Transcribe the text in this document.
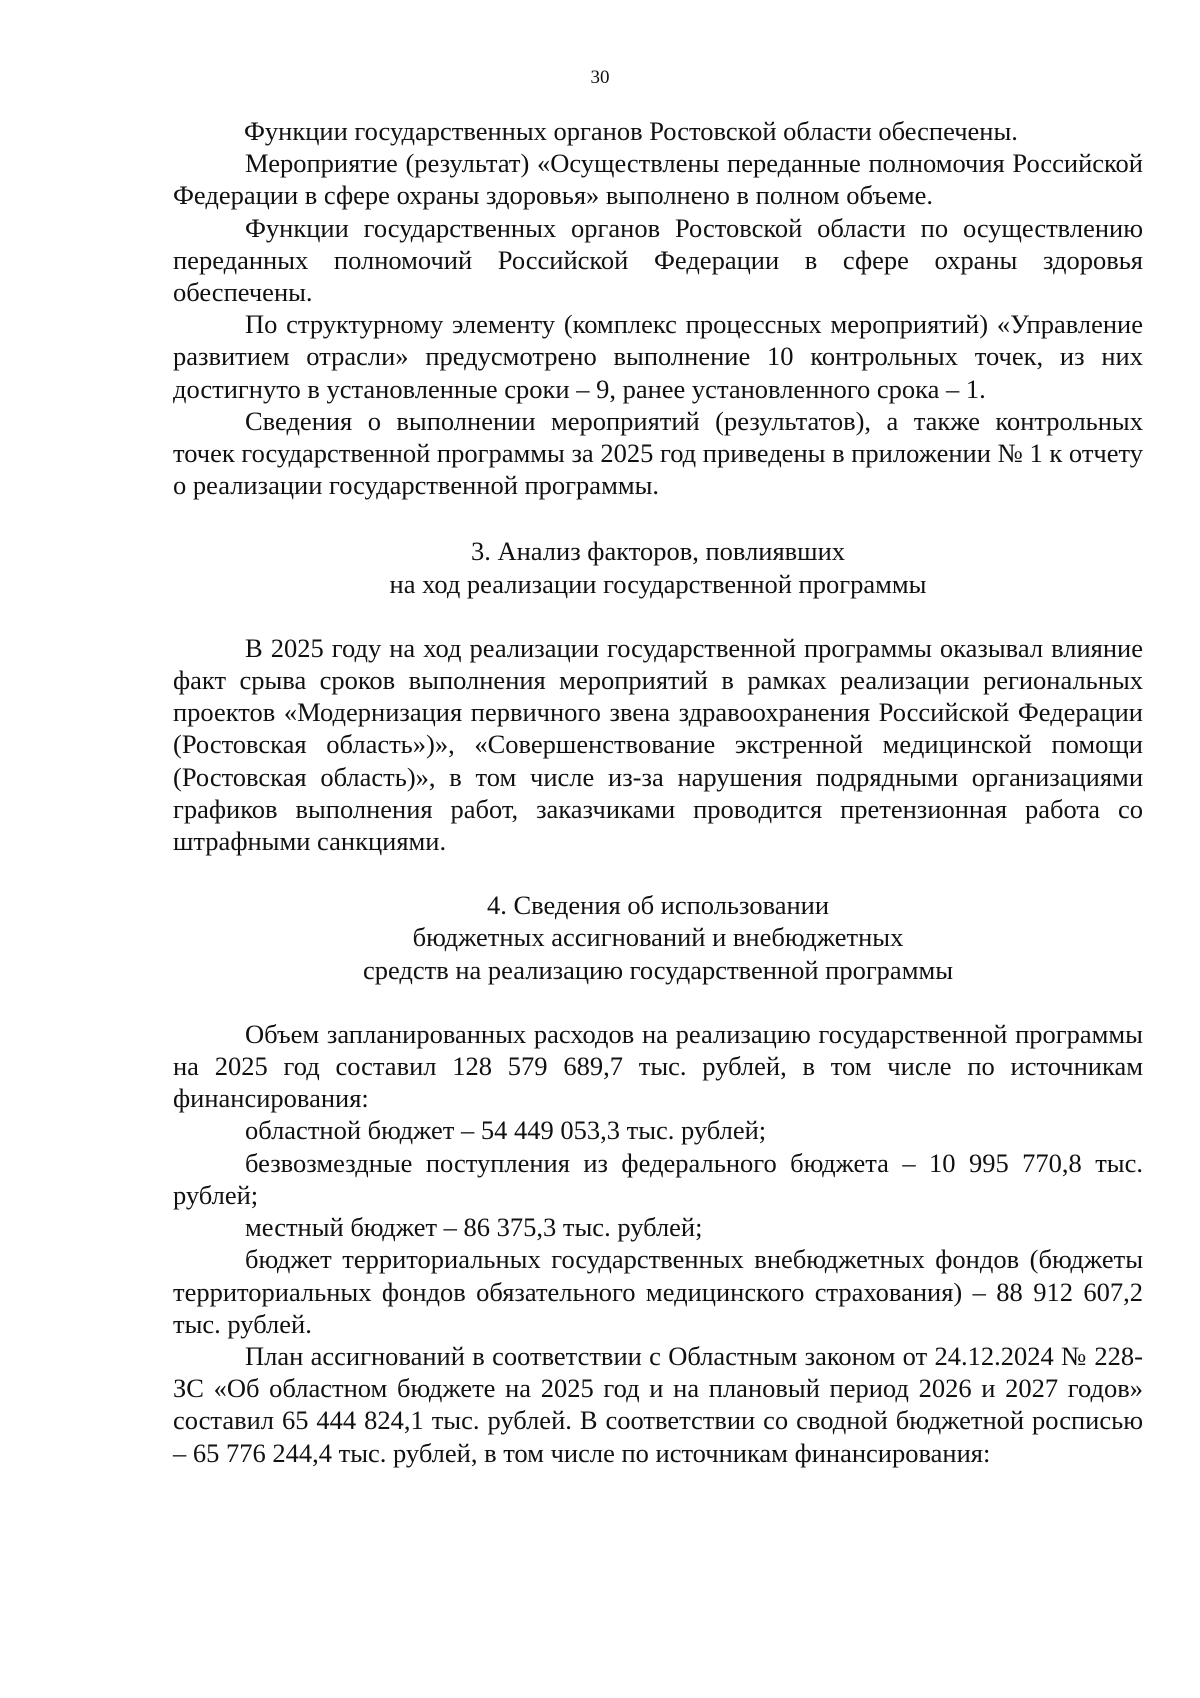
30

Функции государственных органов Ростовской области обеспечены.

Мероприятие (результат) «Осуществлены переданные полномочия Российской Федерации в сфере охраны здоровья» выполнено в полном объеме.

Функции государственных органов Ростовской области по осуществлению переданных полномочий Российской Федерации в сфере охраны здоровья обеспечены.

По структурному элементу (комплекс процессных мероприятий) «Управление развитием отрасли» предусмотрено выполнение 10 контрольных точек, из них достигнуто в установленные сроки – 9, ранее установленного срока – 1.

Сведения о выполнении мероприятий (результатов), а также контрольных точек государственной программы за 2025 год приведены в приложении № 1 к отчету о реализации государственной программы.

3. Анализ факторов, повлиявших
на ход реализации государственной программы

В 2025 году на ход реализации государственной программы оказывал влияние факт срыва сроков выполнения мероприятий в рамках реализации региональных проектов «Модернизация первичного звена здравоохранения Российской Федерации (Ростовская область»)», «Совершенствование экстренной медицинской помощи (Ростовская область)», в том числе из-за нарушения подрядными организациями графиков выполнения работ, заказчиками проводится претензионная работа со штрафными санкциями.

4. Сведения об использовании
бюджетных ассигнований и внебюджетных
средств на реализацию государственной программы

Объем запланированных расходов на реализацию государственной программы на 2025 год составил 128 579 689,7 тыс. рублей, в том числе по источникам финансирования:

областной бюджет – 54 449 053,3 тыс. рублей;

безвозмездные поступления из федерального бюджета – 10 995 770,8 тыс. рублей;

местный бюджет – 86 375,3 тыс. рублей;

бюджет территориальных государственных внебюджетных фондов (бюджеты территориальных фондов обязательного медицинского страхования) – 88 912 607,2 тыс. рублей.

План ассигнований в соответствии с Областным законом от 24.12.2024 № 228-ЗС «Об областном бюджете на 2025 год и на плановый период 2026 и 2027 годов» составил 65 444 824,1 тыс. рублей. В соответствии со сводной бюджетной росписью – 65 776 244,4 тыс. рублей, в том числе по источникам финансирования:
